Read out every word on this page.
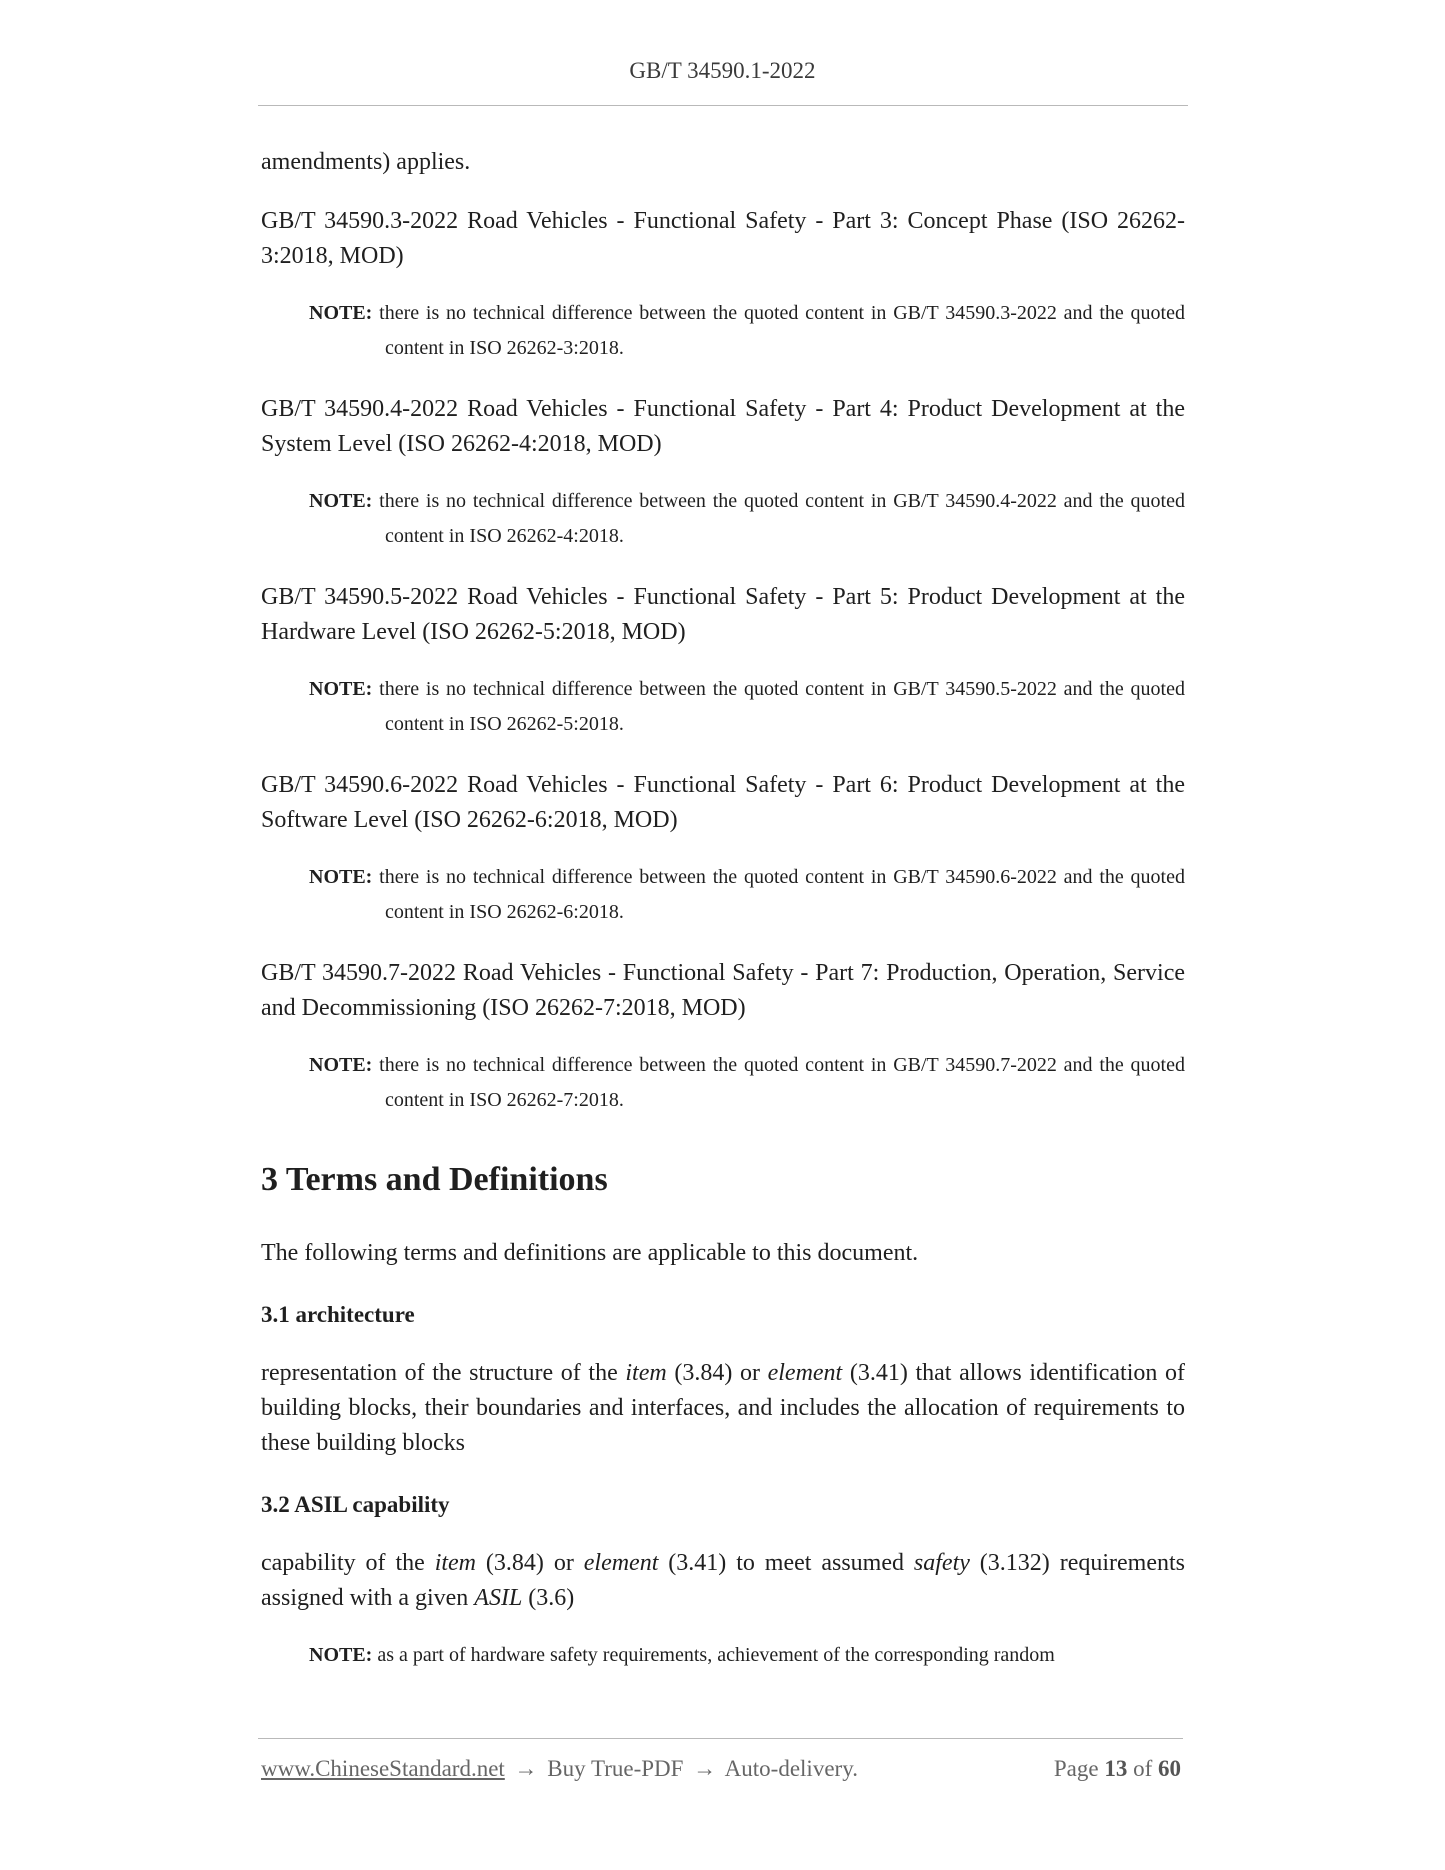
GB/T 34590.1-2022

amendments) applies.

GB/T 34590.3-2022 Road Vehicles - Functional Safety - Part 3: Concept Phase (ISO 26262-3:2018, MOD)

NOTE: there is no technical difference between the quoted content in GB/T 34590.3-2022 and the quoted content in ISO 26262-3:2018.

GB/T 34590.4-2022 Road Vehicles - Functional Safety - Part 4: Product Development at the System Level (ISO 26262-4:2018, MOD)

NOTE: there is no technical difference between the quoted content in GB/T 34590.4-2022 and the quoted content in ISO 26262-4:2018.

GB/T 34590.5-2022 Road Vehicles - Functional Safety - Part 5: Product Development at the Hardware Level (ISO 26262-5:2018, MOD)

NOTE: there is no technical difference between the quoted content in GB/T 34590.5-2022 and the quoted content in ISO 26262-5:2018.

GB/T 34590.6-2022 Road Vehicles - Functional Safety - Part 6: Product Development at the Software Level (ISO 26262-6:2018, MOD)

NOTE: there is no technical difference between the quoted content in GB/T 34590.6-2022 and the quoted content in ISO 26262-6:2018.

GB/T 34590.7-2022 Road Vehicles - Functional Safety - Part 7: Production, Operation, Service and Decommissioning (ISO 26262-7:2018, MOD)

NOTE: there is no technical difference between the quoted content in GB/T 34590.7-2022 and the quoted content in ISO 26262-7:2018.

3 Terms and Definitions

The following terms and definitions are applicable to this document.

3.1 architecture

representation of the structure of the item (3.84) or element (3.41) that allows identification of building blocks, their boundaries and interfaces, and includes the allocation of requirements to these building blocks

3.2 ASIL capability

capability of the item (3.84) or element (3.41) to meet assumed safety (3.132) requirements assigned with a given ASIL (3.6)

NOTE: as a part of hardware safety requirements, achievement of the corresponding random

www.ChineseStandard.net → Buy True-PDF → Auto-delivery.	Page 13 of 60
